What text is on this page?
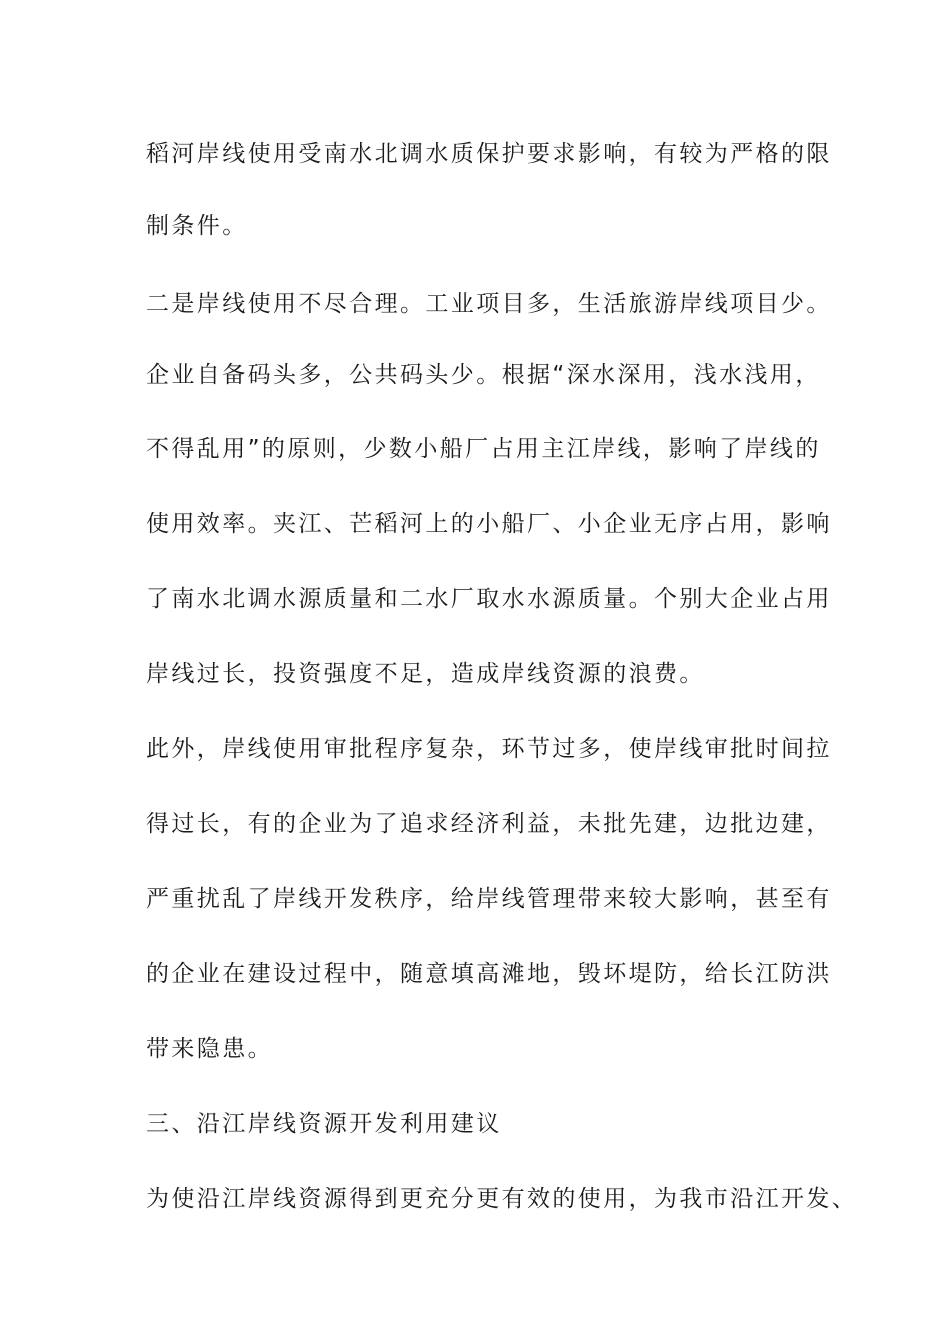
稻河岸线使用受南水北调水质保护要求影响，有较为严格的限
制条件。
二是岸线使用不尽合理。工业项目多，生活旅游岸线项目少。
企业自备码头多，公共码头少。根据“深水深用，浅水浅用，
不得乱用”的原则，少数小船厂占用主江岸线，影响了岸线的
使用效率。夹江、芒稻河上的小船厂、小企业无序占用，影响
了南水北调水源质量和二水厂取水水源质量。个别大企业占用
岸线过长，投资强度不足，造成岸线资源的浪费。
此外，岸线使用审批程序复杂，环节过多，使岸线审批时间拉
得过长，有的企业为了追求经济利益，未批先建，边批边建，
严重扰乱了岸线开发秩序，给岸线管理带来较大影响，甚至有
的企业在建设过程中，随意填高滩地，毁坏堤防，给长江防洪
带来隐患。
三、沿江岸线资源开发利用建议
为使沿江岸线资源得到更充分更有效的使用，为我市沿江开发、
